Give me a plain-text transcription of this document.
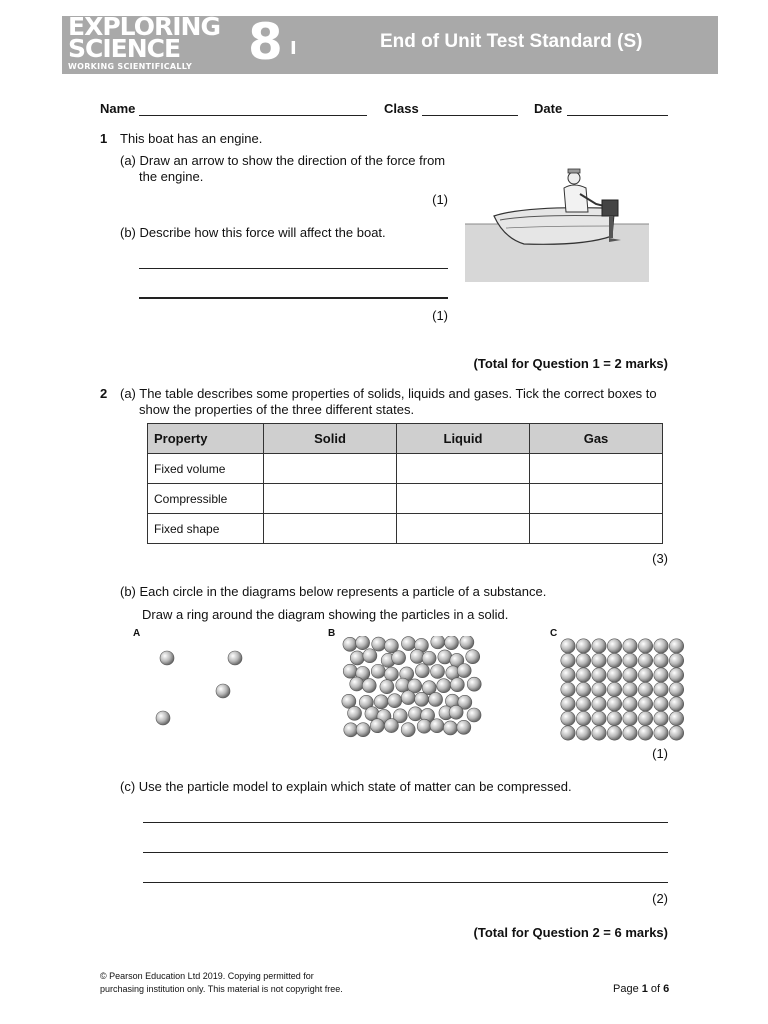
EXPLORING
SCIENCE
WORKING SCIENTIFICALLY 8 I	End of Unit Test Standard (S)
Name	Class	Date
1 This boat has an engine.
(a) Draw an arrow to show the direction of the force from
the engine.
(1)
(b) Describe how this force will affect the boat.
(1)
(Total for Question 1 = 2 marks)
2 (a) The table describes some properties of solids, liquids and gases. Tick the correct boxes to
show the properties of the three different states.
Property	Solid	Liquid	Gas
Fixed volume			
Compressible			
Fixed shape			
(3)
(b) Each circle in the diagrams below represents a particle of a substance.
Draw a ring around the diagram showing the particles in a solid.
A	B	C
(1)
(c) Use the particle model to explain which state of matter can be compressed.
(2)
(Total for Question 2 = 6 marks)
© Pearson Education Ltd 2019. Copying permitted for
purchasing institution only. This material is not copyright free.	Page 1 of 6
